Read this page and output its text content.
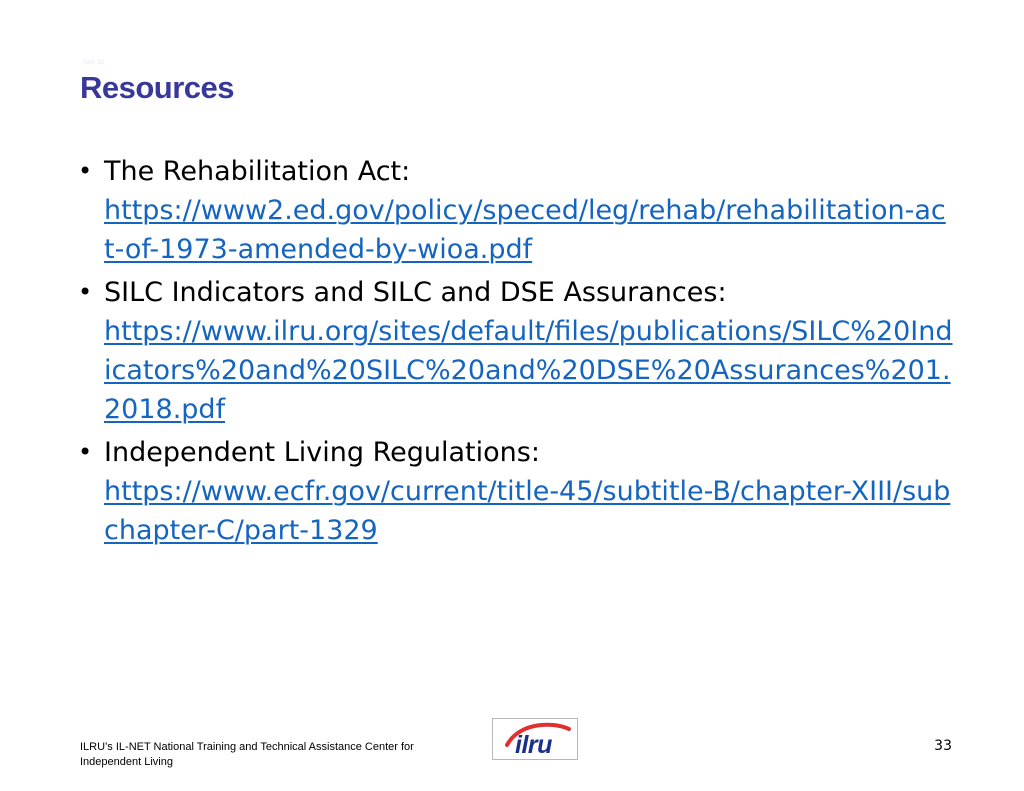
Slide 33
Resources
• The Rehabilitation Act:
https://www2.ed.gov/policy/speced/leg/rehab/rehabilitation-act-of-1973-amended-by-wioa.pdf
• SILC Indicators and SILC and DSE Assurances:
https://www.ilru.org/sites/default/files/publications/SILC%20Indicators%20and%20SILC%20and%20DSE%20Assurances%201.2018.pdf
• Independent Living Regulations:
https://www.ecfr.gov/current/title-45/subtitle-B/chapter-XIII/subchapter-C/part-1329
ILRU’s IL-NET National Training and Technical Assistance Center for Independent Living
ilru	33
